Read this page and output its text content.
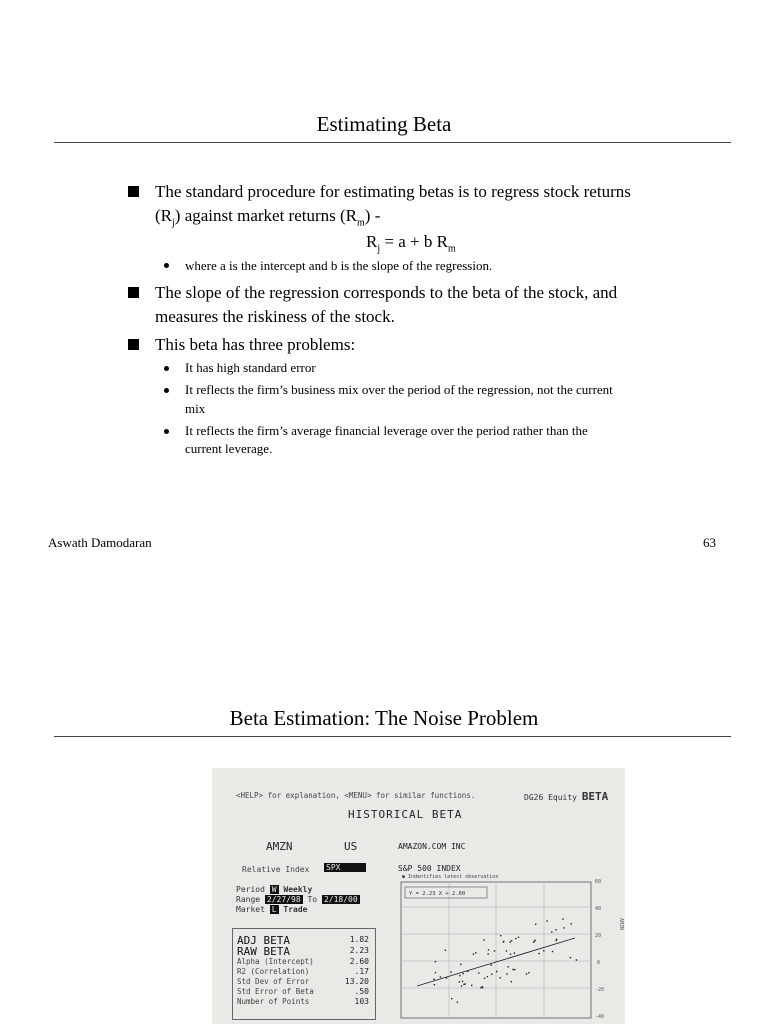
Estimating Beta
The standard procedure for estimating betas is to regress stock returns
$(R_j)$ against market returns $(R_m)$ -
$R_j = a + b$ $R_m$
where a is the intercept and b is the slope of the regression.
The slope of the regression corresponds to the beta of the stock, and
measures the riskiness of the stock.
This beta has three problems:
It has high standard error
It reflects the firm’s business mix over the period of the regression, not the current
mix
It reflects the firm’s average financial leverage over the period rather than the
current leverage.
Aswath Damodaran	63
Beta Estimation: The Noise Problem
<HELP> for explanation, <MENU> for similar functions.	DG26 Equity BETA
HISTORICAL BETA
AMZN	US	AMAZON.COM INC
Relative Index SPX	S&P 500 INDEX
● Indentifies latest observation
Period W Weekly
Range 2/27/98 To 2/18/00
Market L Trade
ADJ BETA	1.82
RAW BETA	2.23
Alpha (Intercept)	2.60
R2 (Correlation)	.17
Std Dev of Error	13.20
Std Error of Beta	.50
Number of Points	103
Y = 2.23 X + 2.60
60
40
20
0
-20
-40
AMZN
